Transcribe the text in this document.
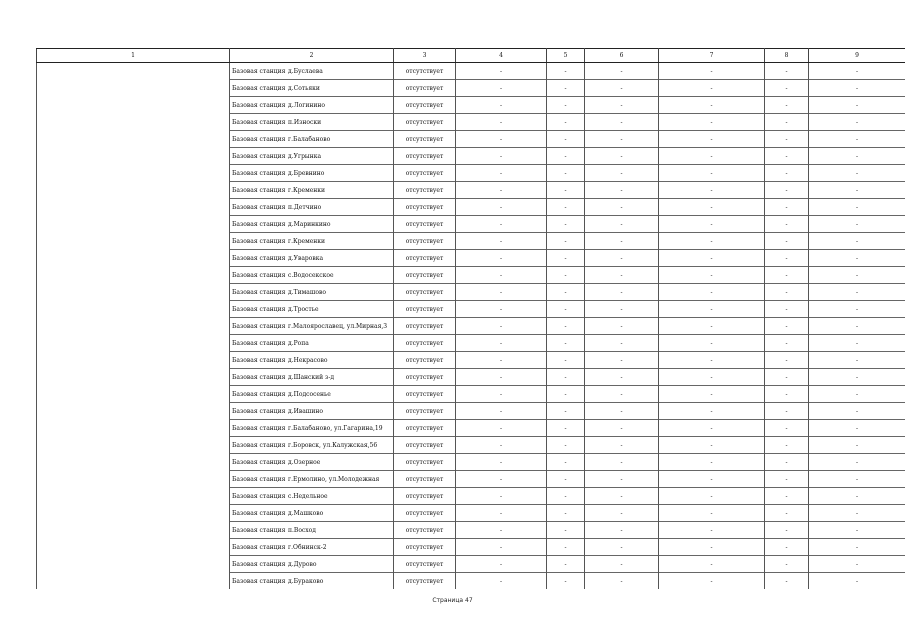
1	2	3	4	5	6	7	8	9
	Базовая станция д.Буслаева	отсутствует	-	-	-	-	-	-
	Базовая станция д.Сотьяки	отсутствует	-	-	-	-	-	-
	Базовая станция д.Логинино	отсутствует	-	-	-	-	-	-
	Базовая станция п.Износки	отсутствует	-	-	-	-	-	-
	Базовая станция г.Балабаново	отсутствует	-	-	-	-	-	-
	Базовая станция д.Угрынка	отсутствует	-	-	-	-	-	-
	Базовая станция д.Бревнино	отсутствует	-	-	-	-	-	-
	Базовая станция г.Кременки	отсутствует	-	-	-	-	-	-
	Базовая станция п.Детчино	отсутствует	-	-	-	-	-	-
	Базовая станция д.Маринкино	отсутствует	-	-	-	-	-	-
	Базовая станция г.Кременки	отсутствует	-	-	-	-	-	-
	Базовая станция д.Уваровка	отсутствует	-	-	-	-	-	-
	Базовая станция с.Водосекское	отсутствует	-	-	-	-	-	-
	Базовая станция д.Тимашово	отсутствует	-	-	-	-	-	-
	Базовая станция д.Тростье	отсутствует	-	-	-	-	-	-
	Базовая станция г.Малоярославец, ул.Мирная,3	отсутствует	-	-	-	-	-	-
	Базовая станция д.Ропа	отсутствует	-	-	-	-	-	-
	Базовая станция д.Некрасово	отсутствует	-	-	-	-	-	-
	Базовая станция д.Шанский з-д	отсутствует	-	-	-	-	-	-
	Базовая станция д.Подсосенье	отсутствует	-	-	-	-	-	-
	Базовая станция д.Ивашино	отсутствует	-	-	-	-	-	-
	Базовая станция г.Балабаново, ул.Гагарина,19	отсутствует	-	-	-	-	-	-
	Базовая станция г.Боровск, ул.Калужская,56	отсутствует	-	-	-	-	-	-
	Базовая станция д.Озерное	отсутствует	-	-	-	-	-	-
	Базовая станция г.Ермолино, ул.Молодежная	отсутствует	-	-	-	-	-	-
	Базовая станция с.Недельное	отсутствует	-	-	-	-	-	-
	Базовая станция д.Машково	отсутствует	-	-	-	-	-	-
	Базовая станция п.Восход	отсутствует	-	-	-	-	-	-
	Базовая станция г.Обнинск-2	отсутствует	-	-	-	-	-	-
	Базовая станция д.Дурово	отсутствует	-	-	-	-	-	-
	Базовая станция д.Бураково	отсутствует	-	-	-	-	-	-
Страница 47
